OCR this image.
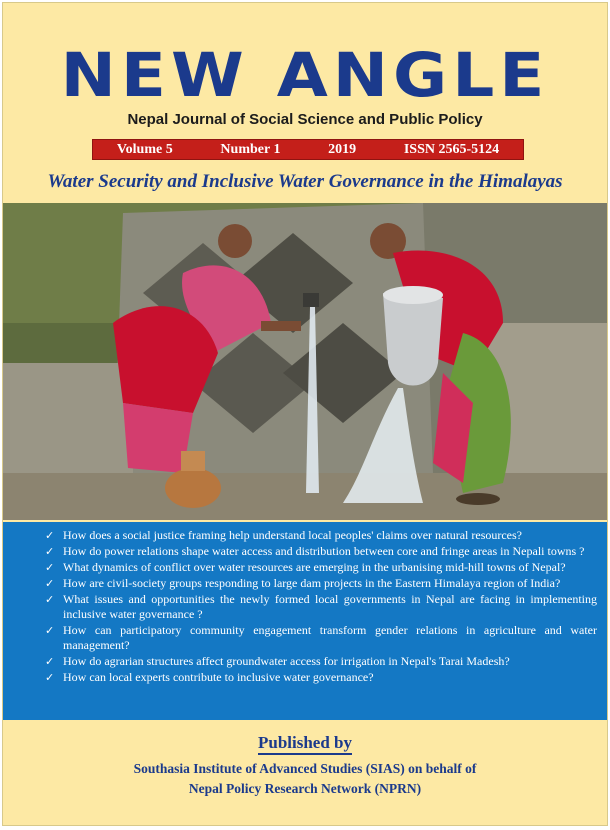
NEW ANGLE
Nepal Journal of Social Science and Public Policy
Volume 5	Number 1	2019	ISSN 2565-5124
Water Security and Inclusive Water Governance in the Himalayas
✓ How does a social justice framing help understand local peoples' claims over natural resources?
✓ How do power relations shape water access and distribution between core and fringe areas in Nepali towns ?
✓ What dynamics of conflict over water resources are emerging in the urbanising mid-hill towns of Nepal?
✓ How are civil-society groups responding to large dam projects in the Eastern Himalaya region of India?
✓ What issues and opportunities the newly formed local governments in Nepal are facing in implementing inclusive water governance ?
✓ How can participatory community engagement transform gender relations in agriculture and water management?
✓ How do agrarian structures affect groundwater access for irrigation in Nepal's Tarai Madesh?
✓ How can local experts contribute to inclusive water governance?
Published by
Southasia Institute of Advanced Studies (SIAS) on behalf of
Nepal Policy Research Network (NPRN)
